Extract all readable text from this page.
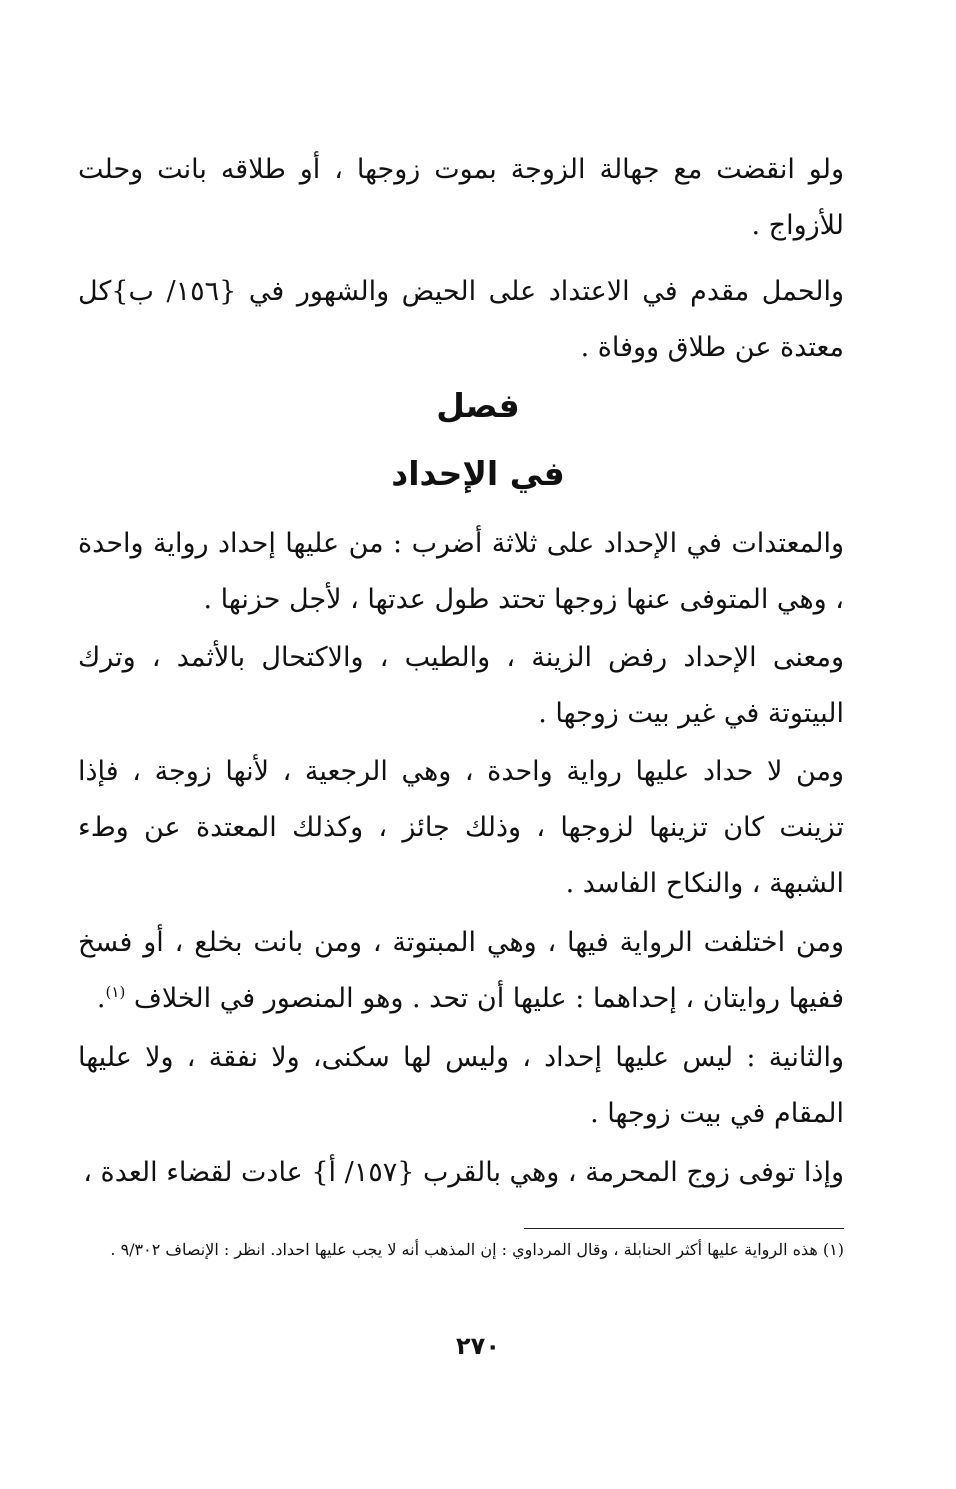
ولو انقضت مع جهالة الزوجة بموت زوجها ، أو طلاقه بانت وحلت للأزواج .

والحمل مقدم في الاعتداد على الحيض والشهور في {١٥٦/ ب}كل معتدة عن طلاق ووفاة .

فصل
في الإحداد

والمعتدات في الإحداد على ثلاثة أضرب : من عليها إحداد رواية واحدة ، وهي المتوفى عنها زوجها تحتد طول عدتها ، لأجل حزنها .

ومعنى الإحداد رفض الزينة ، والطيب ، والاكتحال بالأثمد ، وترك البيتوتة في غير بيت زوجها .

ومن لا حداد عليها رواية واحدة ، وهي الرجعية ، لأنها زوجة ، فإذا تزينت كان تزينها لزوجها ، وذلك جائز ، وكذلك المعتدة عن وطء الشبهة ، والنكاح الفاسد .

ومن اختلفت الرواية فيها ، وهي المبتوتة ، ومن بانت بخلع ، أو فسخ ففيها روايتان ، إحداهما : عليها أن تحد . وهو المنصور في الخلاف $^{(١)}$.

والثانية : ليس عليها إحداد ، وليس لها سكنى، ولا نفقة ، ولا عليها المقام في بيت زوجها .

وإذا توفى زوج المحرمة ، وهي بالقرب {١٥٧/ أ} عادت لقضاء العدة ،

(١) هذه الرواية عليها أكثر الحنابلة ، وقال المرداوي : إن المذهب أنه لا يجب عليها احداد. انظر : الإنصاف ٩/٣٠٢ .

٢٧٠
